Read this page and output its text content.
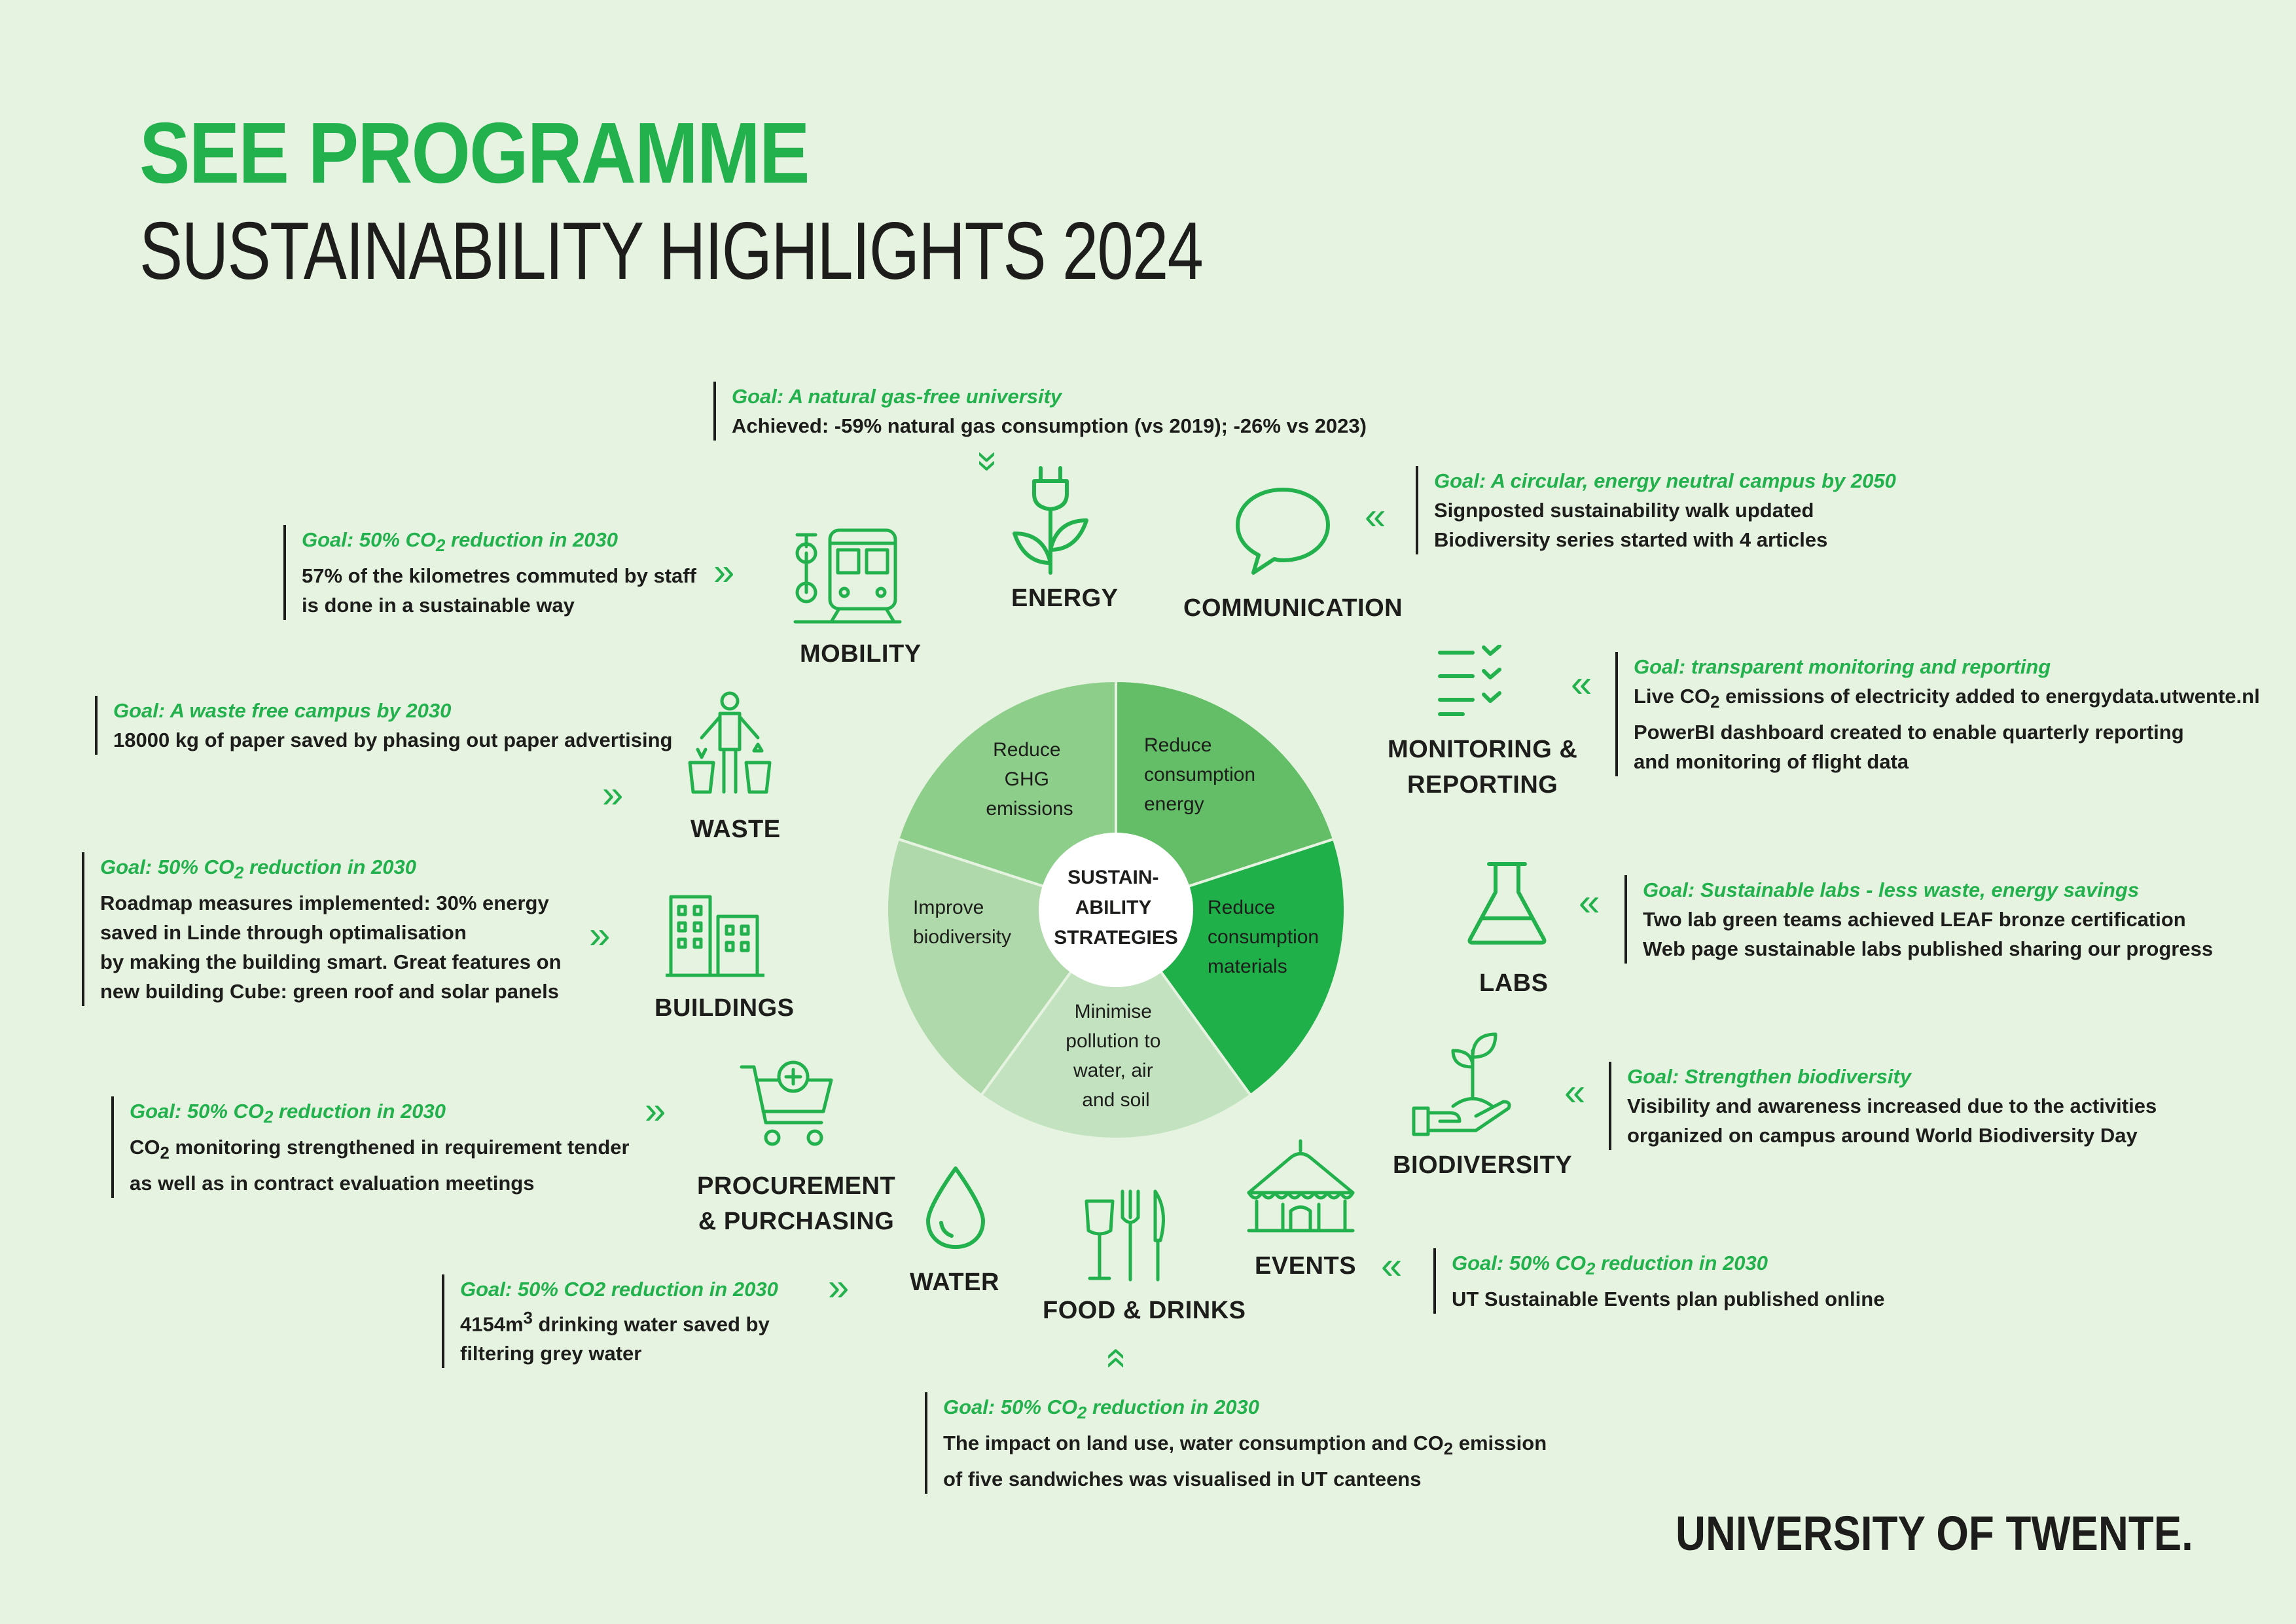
SEE PROGRAMME
SUSTAINABILITY HIGHLIGHTS 2024
SUSTAIN- ABILITY STRATEGIES
Reduce GHG emissions
Reduce consumption energy
Reduce consumption materials
Minimise pollution to water, air and soil
Improve biodiversity
Goal: A natural gas-free university
Achieved: -59% natural gas consumption (vs 2019); -26% vs 2023)
»
ENERGY	COMMUNICATION
«
Goal: A circular, energy neutral campus by 2050
Signposted sustainability walk updated
Biodiversity series started with 4 articles
Goal: 50% $CO_2$ reduction in 2030
57% of the kilometres commuted by staff
is done in a sustainable way
»
MOBILITY
MONITORING &
REPORTING
« Goal: transparent monitoring and reporting
Live $CO_2$ emissions of electricity added to energydata.utwente.nl
PowerBI dashboard created to enable quarterly reporting
and monitoring of flight data
Goal: A waste free campus by 2030
18000 kg of paper saved by phasing out paper advertising
»
WASTE
LABS
« Goal: Sustainable labs - less waste, energy savings
Two lab green teams achieved LEAF bronze certification
Web page sustainable labs published sharing our progress
Goal: 50% $CO_2$ reduction in 2030
Roadmap measures implemented: 30% energy
saved in Linde through optimalisation
by making the building smart. Great features on
new building Cube: green roof and solar panels
»
BUILDINGS
BIODIVERSITY
« Goal: Strengthen biodiversity
Visibility and awareness increased due to the activities
organized on campus around World Biodiversity Day
Goal: 50% $CO_2$ reduction in 2030
$CO_2$ monitoring strengthened in requirement tender
as well as in contract evaluation meetings
»
PROCUREMENT
& PURCHASING
WATER
»
Goal: 50% CO2 reduction in 2030
$4154m^3$ drinking water saved by
filtering grey water
FOOD & DRINKS
»
Goal: 50% $CO_2$ reduction in 2030
The impact on land use, water consumption and $CO_2$ emission
of five sandwiches was visualised in UT canteens
EVENTS « Goal: 50% $CO_2$ reduction in 2030
UT Sustainable Events plan published online
UNIVERSITY OF TWENTE.
